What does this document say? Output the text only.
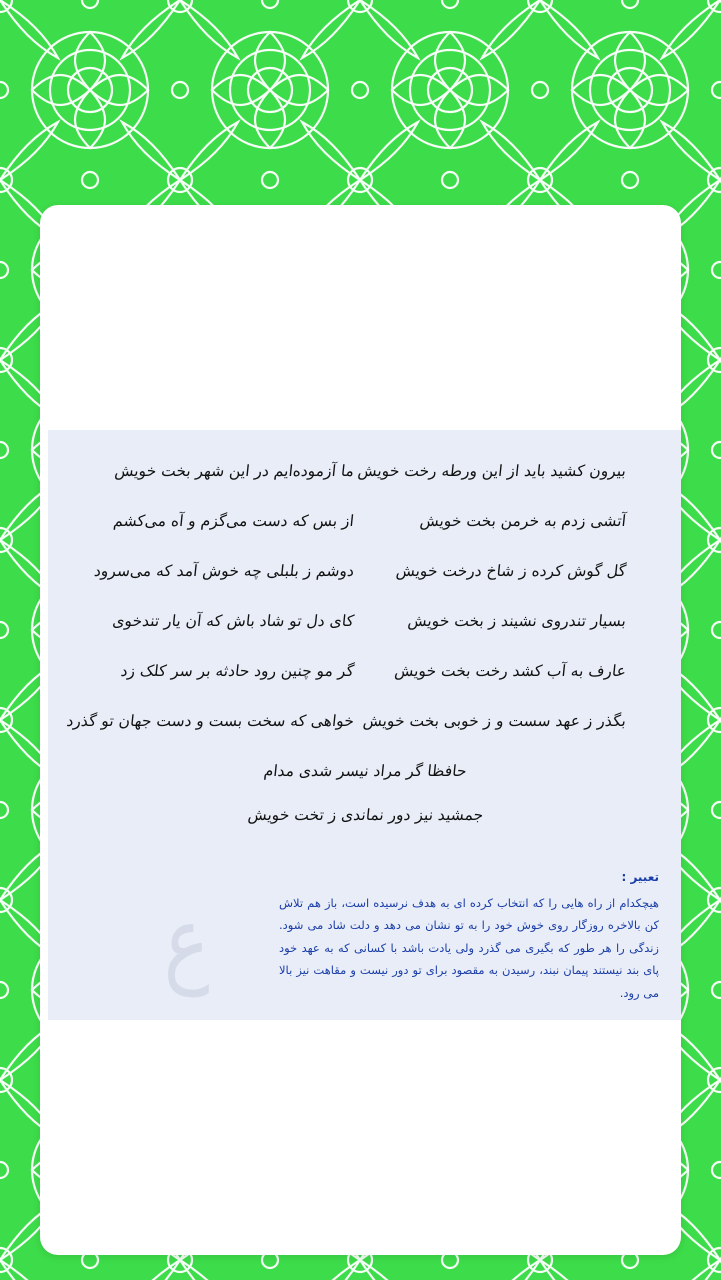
بیرون کشید باید از این ورطه رخت خویش
ما آزموده‌ایم در این شهر بخت خویش
آتشی زدم به خرمن بخت خویش
از بس که دست می‌گزم و آه می‌کشم
گل گوش کرده ز شاخ درخت خویش
دوشم ز بلبلی چه خوش آمد که می‌سرود
بسیار تندروی نشیند ز بخت خویش
کای دل تو شاد باش که آن یار تندخوی
عارف به آب کشد رخت بخت خویش
گر مو چنین رود حادثه بر سر کلک زد
بگذر ز عهد سست و ز خوبی بخت خویش
خواهی که سخت بست و دست جهان تو گذرد
حافظا گر مراد نیسر شدی مدام
جمشید نیز دور نماندی ز تخت خویش
ع
تعبیر :
هیچکدام از راه هایی را که انتخاب کرده ای به هدف نرسیده است، باز هم تلاش کن بالاخره روزگار روی خوش خود را به تو نشان می دهد و دلت شاد می شود. زندگی را هر طور که بگیری می گذرد ولی یادت باشد با کسانی که به عهد خود پای بند نیستند پیمان نبند، رسیدن به مقصود برای تو دور نیست و مقاهت نیز بالا می رود.
